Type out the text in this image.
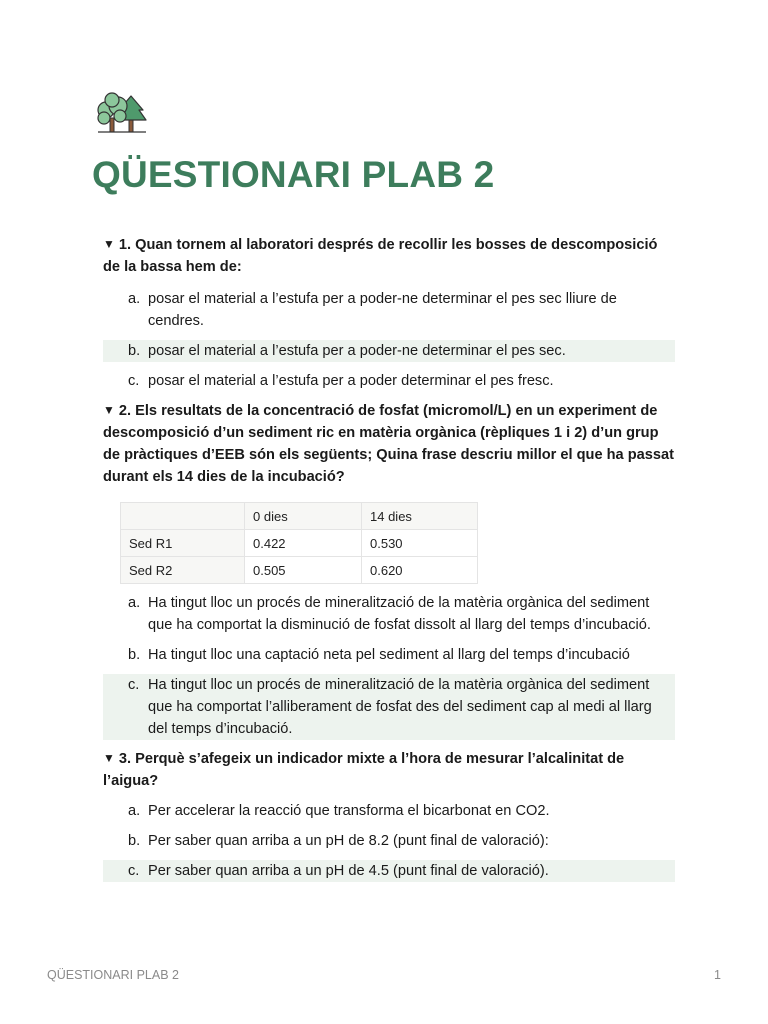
QÜESTIONARI PLAB 2

▼ 1. Quan tornem al laboratori després de recollir les bosses de descomposició de la bassa hem de:

a. posar el material a l’estufa per a poder-ne determinar el pes sec lliure de cendres.
b. posar el material a l’estufa per a poder-ne determinar el pes sec.
c. posar el material a l’estufa per a poder determinar el pes fresc.

▼ 2. Els resultats de la concentració de fosfat (micromol/L) en un experiment de descomposició d’un sediment ric en matèria orgànica (rèpliques 1 i 2) d’un grup de pràctiques d’EEB són els següents; Quina frase descriu millor el que ha passat durant els 14 dies de la incubació?

	0 dies	14 dies
Sed R1	0.422	0.530
Sed R2	0.505	0.620
a. Ha tingut lloc un procés de mineralització de la matèria orgànica del sediment que ha comportat la disminució de fosfat dissolt al llarg del temps d’incubació.
b. Ha tingut lloc una captació neta pel sediment al llarg del temps d’incubació
c. Ha tingut lloc un procés de mineralització de la matèria orgànica del sediment que ha comportat l’alliberament de fosfat des del sediment cap al medi al llarg del temps d’incubació.

▼ 3. Perquè s’afegeix un indicador mixte a l’hora de mesurar l’alcalinitat de l’aigua?

a. Per accelerar la reacció que transforma el bicarbonat en CO2.
b. Per saber quan arriba a un pH de 8.2 (punt final de valoració):
c. Per saber quan arriba a un pH de 4.5 (punt final de valoració).
QÜESTIONARI PLAB 2	1
